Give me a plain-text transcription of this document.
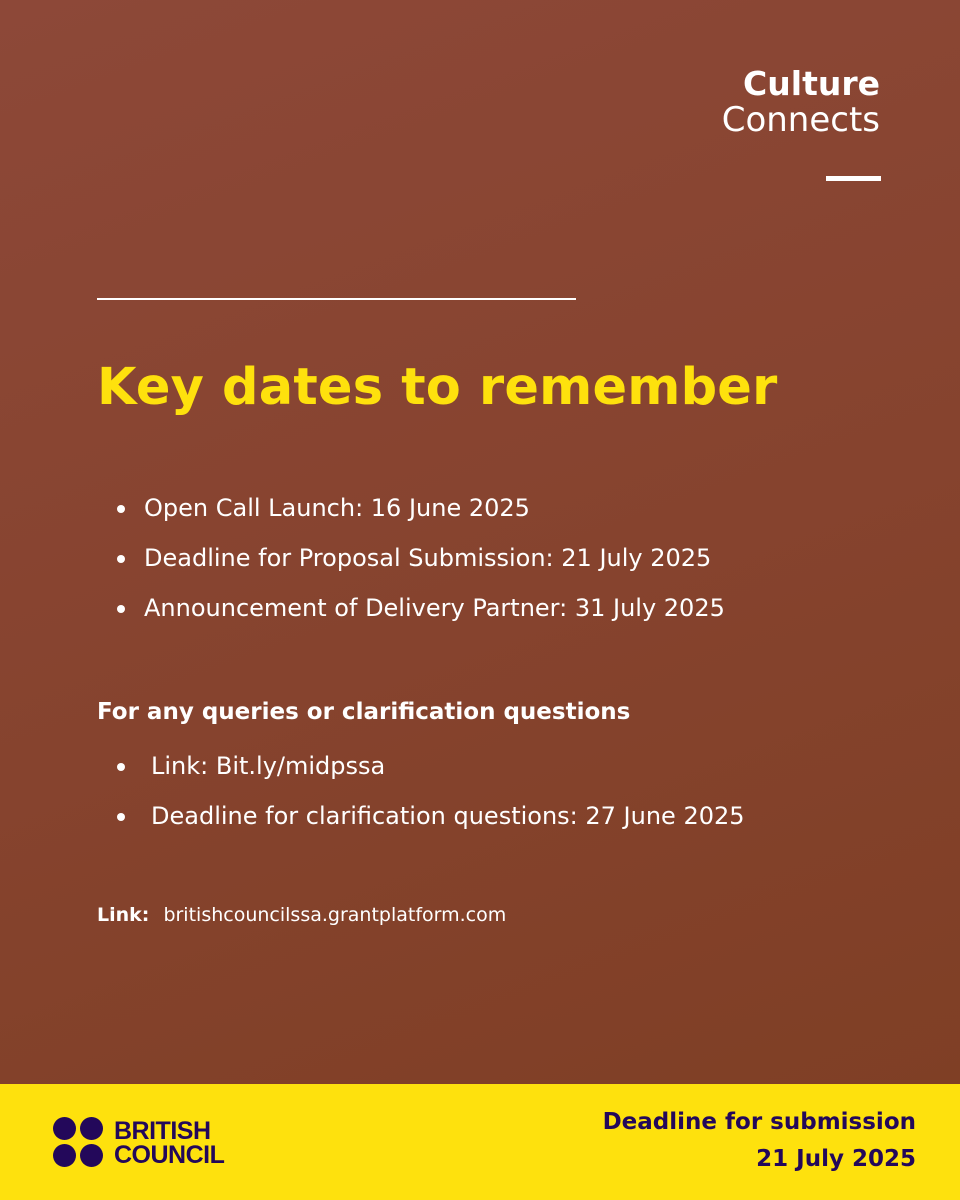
Culture
Connects
Key dates to remember
Open Call Launch: 16 June 2025
Deadline for Proposal Submission: 21 July 2025
Announcement of Delivery Partner: 31 July 2025
For any queries or clarification questions
Link: Bit.ly/midpssa
Deadline for clarification questions: 27 June 2025
Link: britishcouncilssa.grantplatform.com
BRITISH
COUNCIL
Deadline for submission
21 July 2025
